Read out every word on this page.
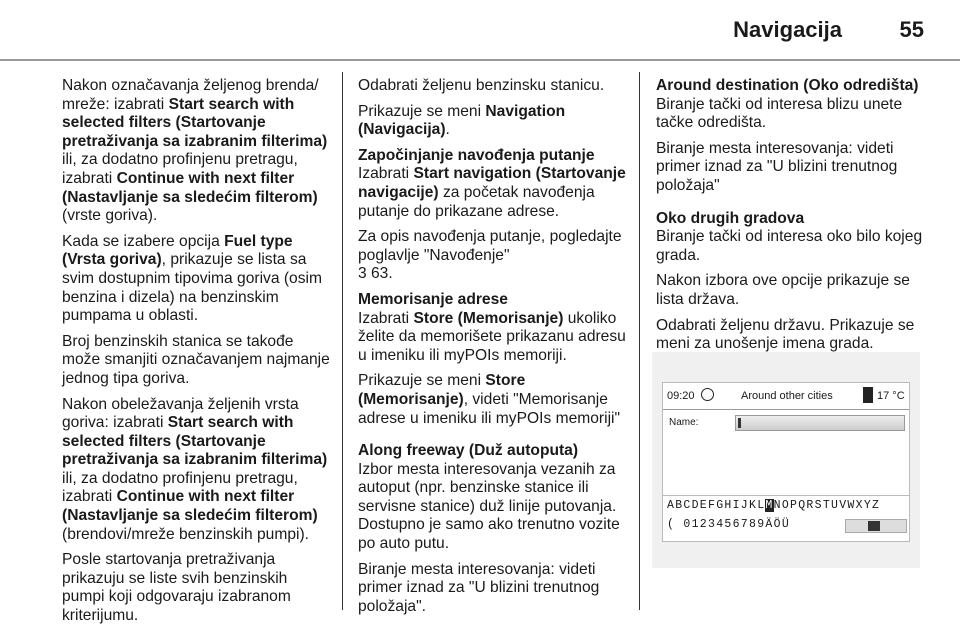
Navigacija	55

Nakon označavanja željenog brenda/ mreže: izabrati Start search with selected filters (Startovanje pretraživanja sa izabranim filterima) ili, za dodatno profinjenu pretragu, izabrati Continue with next filter (Nastavljanje sa sledećim filterom) (vrste goriva).

Kada se izabere opcija Fuel type (Vrsta goriva), prikazuje se lista sa svim dostupnim tipovima goriva (osim benzina i dizela) na benzinskim pumpama u oblasti.

Broj benzinskih stanica se takođe može smanjiti označavanjem najmanje jednog tipa goriva.

Nakon obeležavanja željenih vrsta goriva: izabrati Start search with selected filters (Startovanje pretraživanja sa izabranim filterima) ili, za dodatno profinjenu pretragu, izabrati Continue with next filter (Nastavljanje sa sledećim filterom) (brendovi/mreže benzinskih pumpi).

Posle startovanja pretraživanja prikazuju se liste svih benzinskih pumpi koji odgovaraju izabranom kriterijumu.

Odabrati željenu benzinsku stanicu.

Prikazuje se meni Navigation (Navigacija).

Započinjanje navođenja putanje
Izabrati Start navigation (Startovanje navigacije) za početak navođenja putanje do prikazane adrese.

Za opis navođenja putanje, pogledajte poglavlje "Navođenje"
3 63.

Memorisanje adrese
Izabrati Store (Memorisanje) ukoliko želite da memorišete prikazanu adresu u imeniku ili myPOIs memoriji.

Prikazuje se meni Store (Memorisanje), videti "Memorisanje adrese u imeniku ili myPOIs memoriji"

Along freeway (Duž autoputa)
Izbor mesta interesovanja vezanih za autoput (npr. benzinske stanice ili servisne stanice) duž linije putovanja. Dostupno je samo ako trenutno vozite po auto putu.

Biranje mesta interesovanja: videti primer iznad za "U blizini trenutnog položaja".

Around destination (Oko odredišta)
Biranje tački od interesa blizu unete tačke odredišta.

Biranje mesta interesovanja: videti primer iznad za "U blizini trenutnog položaja"

Oko drugih gradova
Biranje tački od interesa oko bilo kojeg grada.

Nakon izbora ove opcije prikazuje se lista država.

Odabrati željenu državu. Prikazuje se meni za unošenje imena grada.

09:20	Around other cities	17 °C
Name:
ABCDEFGHIJKLMNOPQRSTUVWXYZ
( 0123456789ÄÖÜ
